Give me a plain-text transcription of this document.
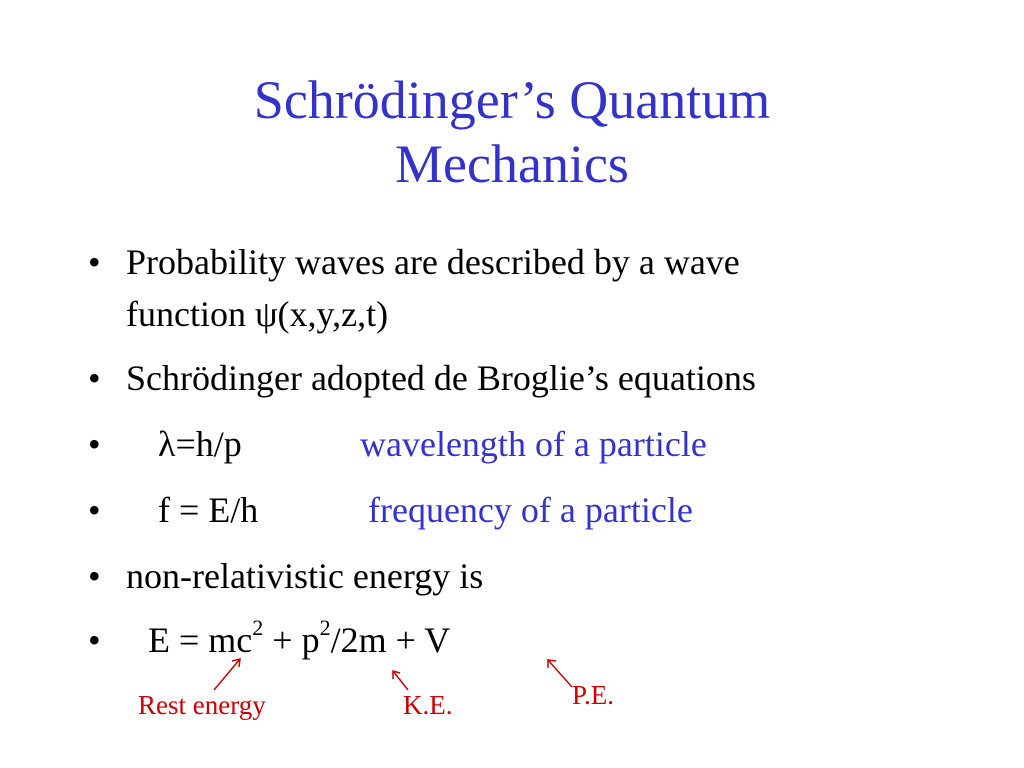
Schrödinger’s Quantum
Mechanics
• Probability waves are described by a wave
function ψ(x,y,z,t)
• Schrödinger adopted de Broglie’s equations
• λ=h/p	wavelength of a particle
• f = E/h	frequency of a particle
• non-relativistic energy is
• $E = mc^2 + p^2/2m + V$
Rest energy	K.E.	P.E.
